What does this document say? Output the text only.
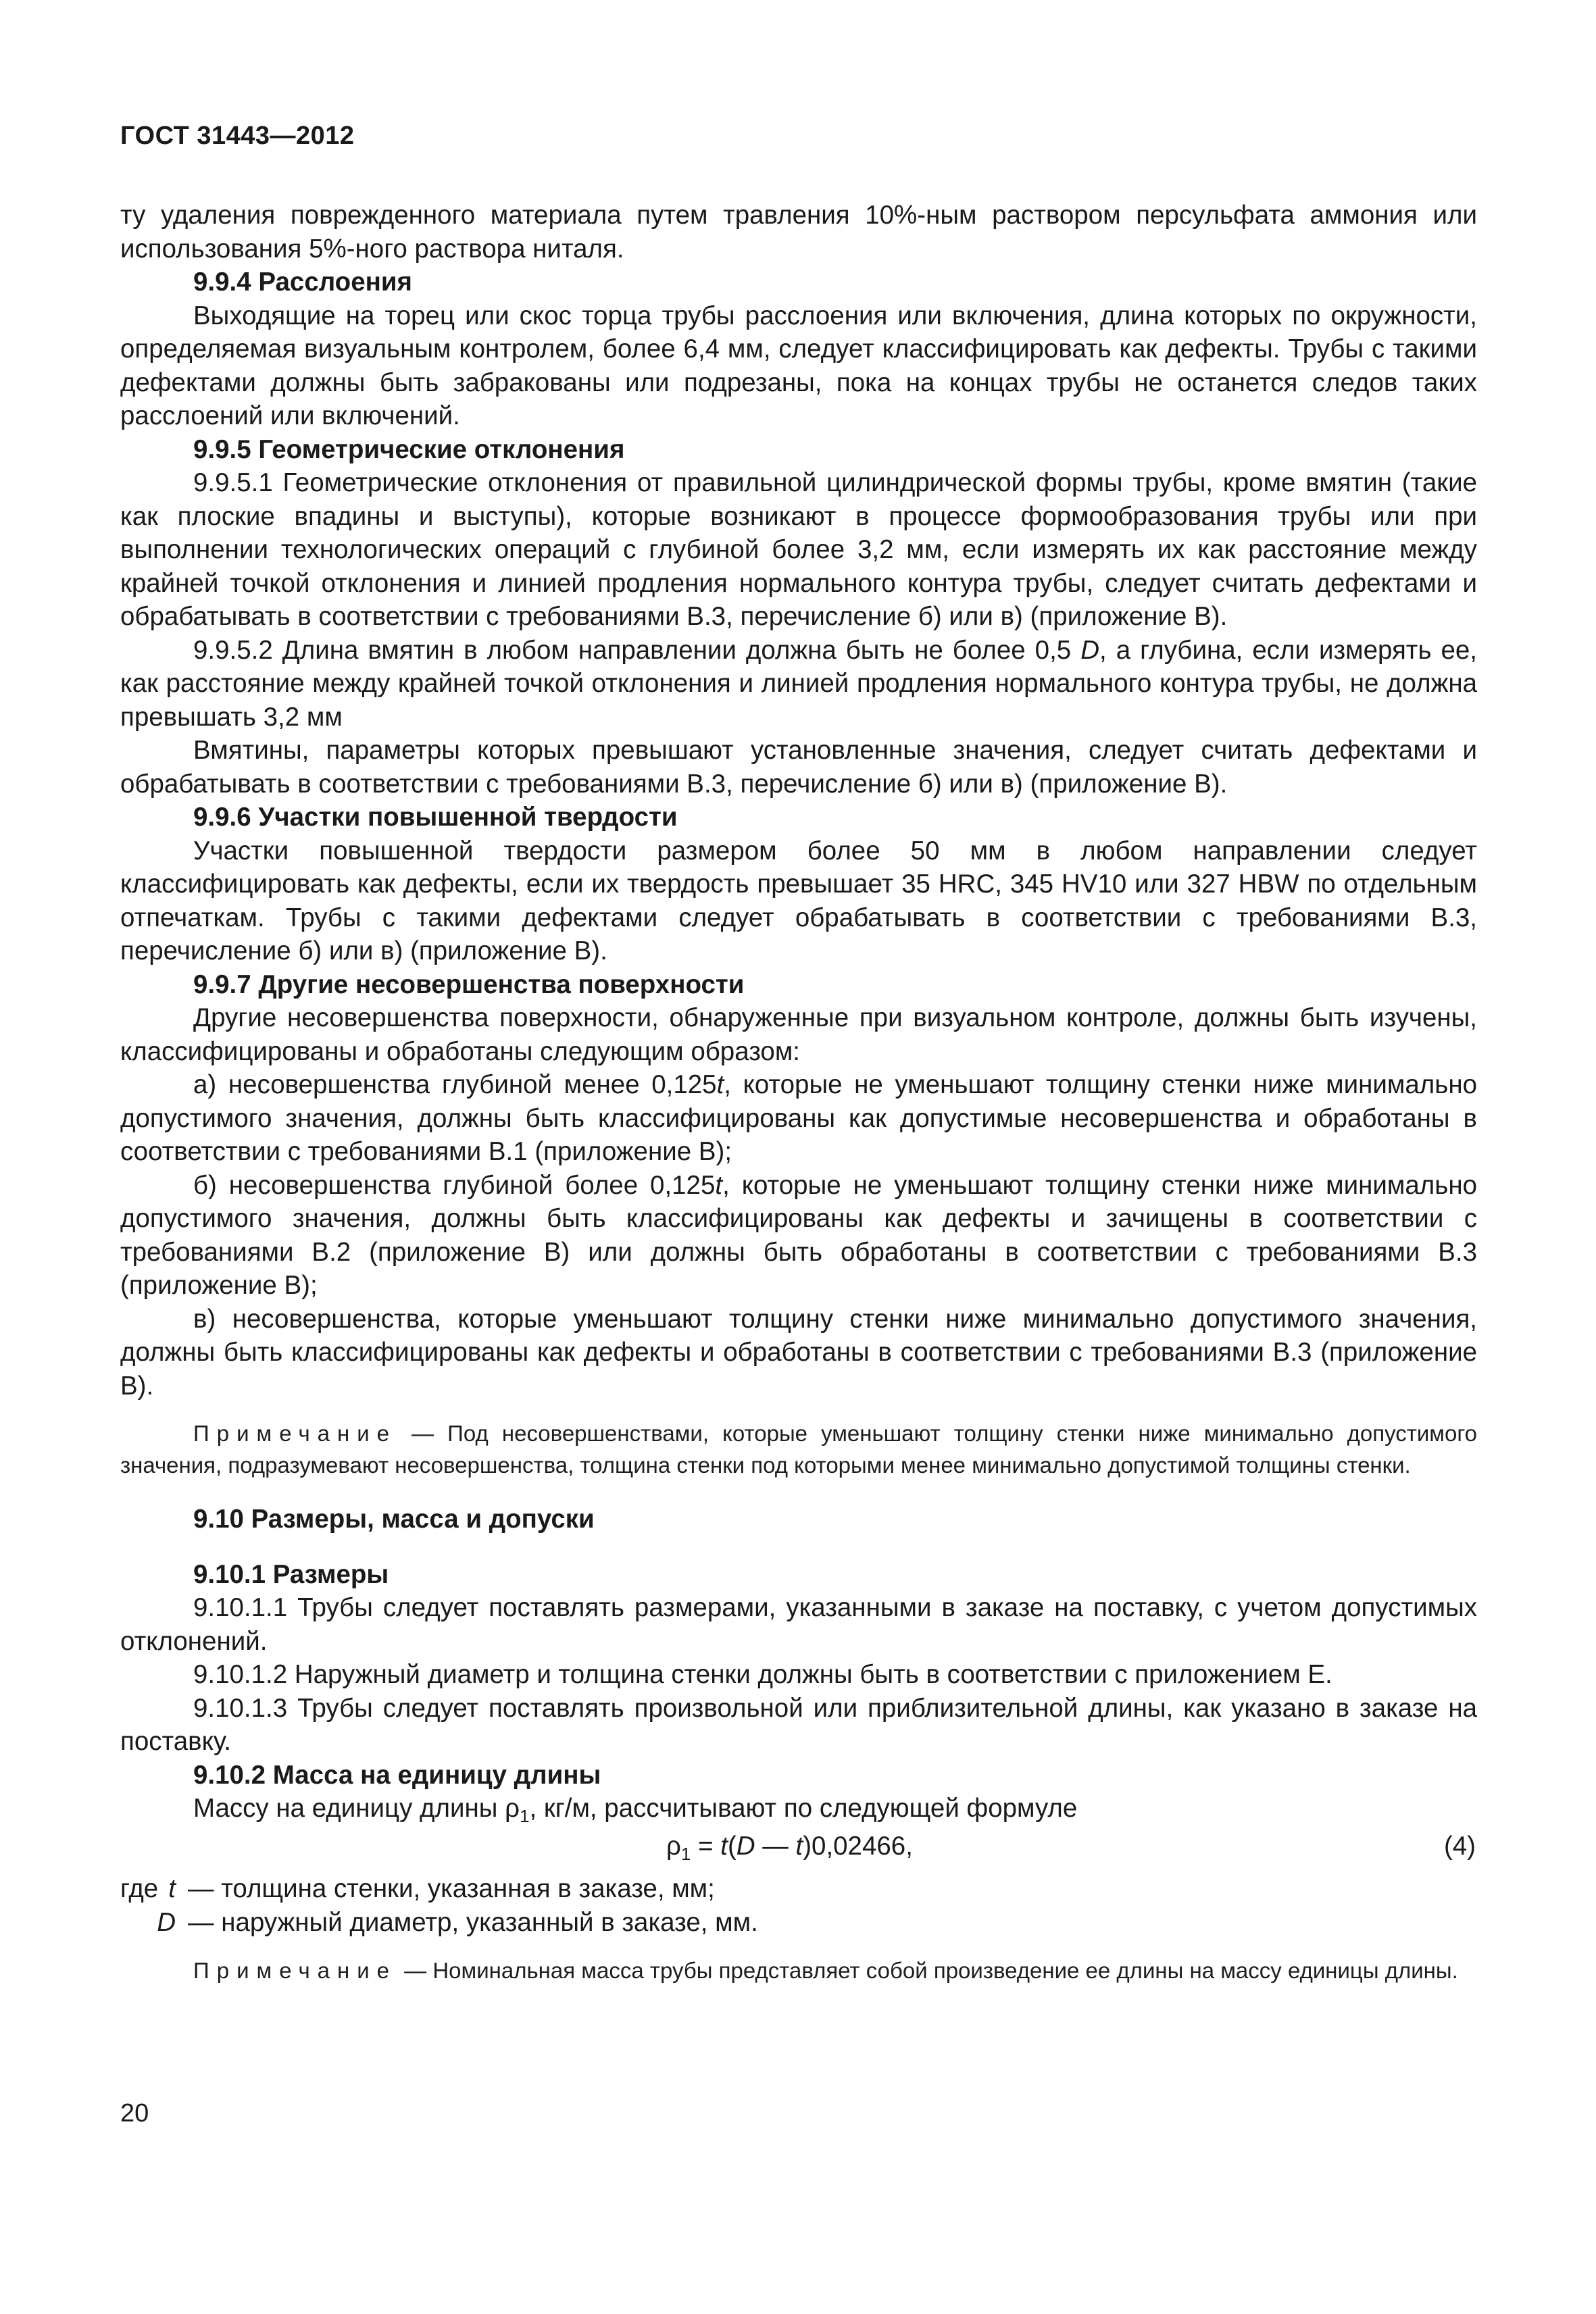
ГОСТ 31443—2012

ту удаления поврежденного материала путем травления 10%-ным раствором персульфата аммония или использования 5%-ного раствора ниталя.

9.9.4 Расслоения

Выходящие на торец или скос торца трубы расслоения или включения, длина которых по окружности, определяемая визуальным контролем, более 6,4 мм, следует классифицировать как дефекты. Трубы с такими дефектами должны быть забракованы или подрезаны, пока на концах трубы не останется следов таких расслоений или включений.

9.9.5 Геометрические отклонения

9.9.5.1 Геометрические отклонения от правильной цилиндрической формы трубы, кроме вмятин (такие как плоские впадины и выступы), которые возникают в процессе формообразования трубы или при выполнении технологических операций с глубиной более 3,2 мм, если измерять их как расстояние между крайней точкой отклонения и линией продления нормального контура трубы, следует считать дефектами и обрабатывать в соответствии с требованиями В.3, перечисление б) или в) (приложение В).

9.9.5.2 Длина вмятин в любом направлении должна быть не более 0,5 D, а глубина, если измерять ее, как расстояние между крайней точкой отклонения и линией продления нормального контура трубы, не должна превышать 3,2 мм

Вмятины, параметры которых превышают установленные значения, следует считать дефектами и обрабатывать в соответствии с требованиями В.3, перечисление б) или в) (приложение В).

9.9.6 Участки повышенной твердости

Участки повышенной твердости размером более 50 мм в любом направлении следует классифицировать как дефекты, если их твердость превышает 35 HRC, 345 HV10 или 327 HBW по отдельным отпечаткам. Трубы с такими дефектами следует обрабатывать в соответствии с требованиями В.3, перечисление б) или в) (приложение В).

9.9.7 Другие несовершенства поверхности

Другие несовершенства поверхности, обнаруженные при визуальном контроле, должны быть изучены, классифицированы и обработаны следующим образом:

а) несовершенства глубиной менее 0,125t, которые не уменьшают толщину стенки ниже минимально допустимого значения, должны быть классифицированы как допустимые несовершенства и обработаны в соответствии с требованиями В.1 (приложение В);

б) несовершенства глубиной более 0,125t, которые не уменьшают толщину стенки ниже минимально допустимого значения, должны быть классифицированы как дефекты и зачищены в соответствии с требованиями В.2 (приложение В) или должны быть обработаны в соответствии с требованиями В.3 (приложение В);

в) несовершенства, которые уменьшают толщину стенки ниже минимально допустимого значения, должны быть классифицированы как дефекты и обработаны в соответствии с требованиями В.3 (приложение В).

Примечание — Под несовершенствами, которые уменьшают толщину стенки ниже минимально допустимого значения, подразумевают несовершенства, толщина стенки под которыми менее минимально допустимой толщины стенки.

9.10 Размеры, масса и допуски

9.10.1 Размеры

9.10.1.1 Трубы следует поставлять размерами, указанными в заказе на поставку, с учетом допустимых отклонений.

9.10.1.2 Наружный диаметр и толщина стенки должны быть в соответствии с приложением Е.

9.10.1.3 Трубы следует поставлять произвольной или приблизительной длины, как указано в заказе на поставку.

9.10.2 Масса на единицу длины

Массу на единицу длины $\rho_1$, кг/м, рассчитывают по следующей формуле

$\rho_1 = t(D$ — t)0,02466,	(4)
где t — толщина стенки, указанная в заказе, мм;
D — наружный диаметр, указанный в заказе, мм.

Примечание — Номинальная масса трубы представляет собой произведение ее длины на массу единицы длины.

20
